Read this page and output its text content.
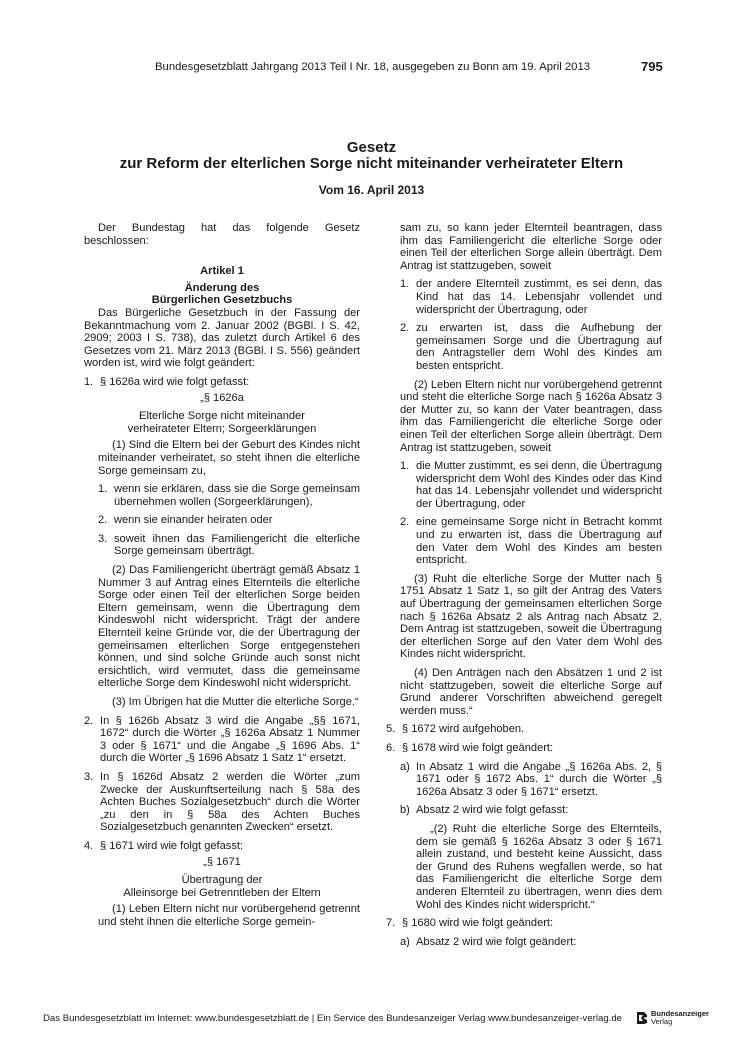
Bundesgesetzblatt Jahrgang 2013 Teil I Nr. 18, ausgegeben zu Bonn am 19. April 2013	795
Gesetz
zur Reform der elterlichen Sorge nicht miteinander verheirateter Eltern
Vom 16. April 2013

Der Bundestag hat das folgende Gesetz beschlossen:

Artikel 1

Änderung des

Bürgerlichen Gesetzbuchs

Das Bürgerliche Gesetzbuch in der Fassung der Bekanntmachung vom 2. Januar 2002 (BGBl. I S. 42, 2909; 2003 I S. 738), das zuletzt durch Artikel 6 des Gesetzes vom 21. März 2013 (BGBl. I S. 556) geändert worden ist, wird wie folgt geändert:

1. § 1626a wird wie folgt gefasst:

„§ 1626a

Elterliche Sorge nicht miteinander

verheirateter Eltern; Sorgeerklärungen

(1) Sind die Eltern bei der Geburt des Kindes nicht miteinander verheiratet, so steht ihnen die elterliche Sorge gemeinsam zu,

1. wenn sie erklären, dass sie die Sorge gemeinsam übernehmen wollen (Sorgeerklärungen),
2. wenn sie einander heiraten oder
3. soweit ihnen das Familiengericht die elterliche Sorge gemeinsam überträgt.

(2) Das Familiengericht überträgt gemäß Absatz 1 Nummer 3 auf Antrag eines Elternteils die elterliche Sorge oder einen Teil der elterlichen Sorge beiden Eltern gemeinsam, wenn die Übertragung dem Kindeswohl nicht widerspricht. Trägt der andere Elternteil keine Gründe vor, die der Übertragung der gemeinsamen elterlichen Sorge entgegenstehen können, und sind solche Gründe auch sonst nicht ersichtlich, wird vermutet, dass die gemeinsame elterliche Sorge dem Kindeswohl nicht widerspricht.

(3) Im Übrigen hat die Mutter die elterliche Sorge.“

2. In § 1626b Absatz 3 wird die Angabe „§§ 1671, 1672“ durch die Wörter „§ 1626a Absatz 1 Nummer 3 oder § 1671“ und die Angabe „§ 1696 Abs. 1“ durch die Wörter „§ 1696 Absatz 1 Satz 1“ ersetzt.
3. In § 1626d Absatz 2 werden die Wörter „zum Zwecke der Auskunftserteilung nach § 58a des Achten Buches Sozialgesetzbuch“ durch die Wörter „zu den in § 58a des Achten Buches Sozialgesetzbuch genannten Zwecken“ ersetzt.
4. § 1671 wird wie folgt gefasst:

„§ 1671

Übertragung der

Alleinsorge bei Getrenntleben der Eltern

(1) Leben Eltern nicht nur vorübergehend getrennt und steht ihnen die elterliche Sorge gemein-

sam zu, so kann jeder Elternteil beantragen, dass ihm das Familiengericht die elterliche Sorge oder einen Teil der elterlichen Sorge allein überträgt. Dem Antrag ist stattzugeben, soweit

1. der andere Elternteil zustimmt, es sei denn, das Kind hat das 14. Lebensjahr vollendet und widerspricht der Übertragung, oder
2. zu erwarten ist, dass die Aufhebung der gemeinsamen Sorge und die Übertragung auf den Antragsteller dem Wohl des Kindes am besten entspricht.

(2) Leben Eltern nicht nur vorübergehend getrennt und steht die elterliche Sorge nach § 1626a Absatz 3 der Mutter zu, so kann der Vater beantragen, dass ihm das Familiengericht die elterliche Sorge oder einen Teil der elterlichen Sorge allein überträgt. Dem Antrag ist stattzugeben, soweit

1. die Mutter zustimmt, es sei denn, die Übertragung widerspricht dem Wohl des Kindes oder das Kind hat das 14. Lebensjahr vollendet und widerspricht der Übertragung, oder
2. eine gemeinsame Sorge nicht in Betracht kommt und zu erwarten ist, dass die Übertragung auf den Vater dem Wohl des Kindes am besten entspricht.

(3) Ruht die elterliche Sorge der Mutter nach § 1751 Absatz 1 Satz 1, so gilt der Antrag des Vaters auf Übertragung der gemeinsamen elterlichen Sorge nach § 1626a Absatz 2 als Antrag nach Absatz 2. Dem Antrag ist stattzugeben, soweit die Übertragung der elterlichen Sorge auf den Vater dem Wohl des Kindes nicht widerspricht.

(4) Den Anträgen nach den Absätzen 1 und 2 ist nicht stattzugeben, soweit die elterliche Sorge auf Grund anderer Vorschriften abweichend geregelt werden muss.“

5. § 1672 wird aufgehoben.
6. § 1678 wird wie folgt geändert:
a) In Absatz 1 wird die Angabe „§ 1626a Abs. 2, § 1671 oder § 1672 Abs. 1“ durch die Wörter „§ 1626a Absatz 3 oder § 1671“ ersetzt.
b) Absatz 2 wird wie folgt gefasst:

„(2) Ruht die elterliche Sorge des Elternteils, dem sie gemäß § 1626a Absatz 3 oder § 1671 allein zustand, und besteht keine Aussicht, dass der Grund des Ruhens wegfallen werde, so hat das Familiengericht die elterliche Sorge dem anderen Elternteil zu übertragen, wenn dies dem Wohl des Kindes nicht widerspricht.“

7. § 1680 wird wie folgt geändert:
a) Absatz 2 wird wie folgt geändert:
Das Bundesgesetzblatt im Internet: www.bundesgesetzblatt.de | Ein Service des Bundesanzeiger Verlag www.bundesanzeiger-verlag.de	Bundesanzeiger
Verlag
